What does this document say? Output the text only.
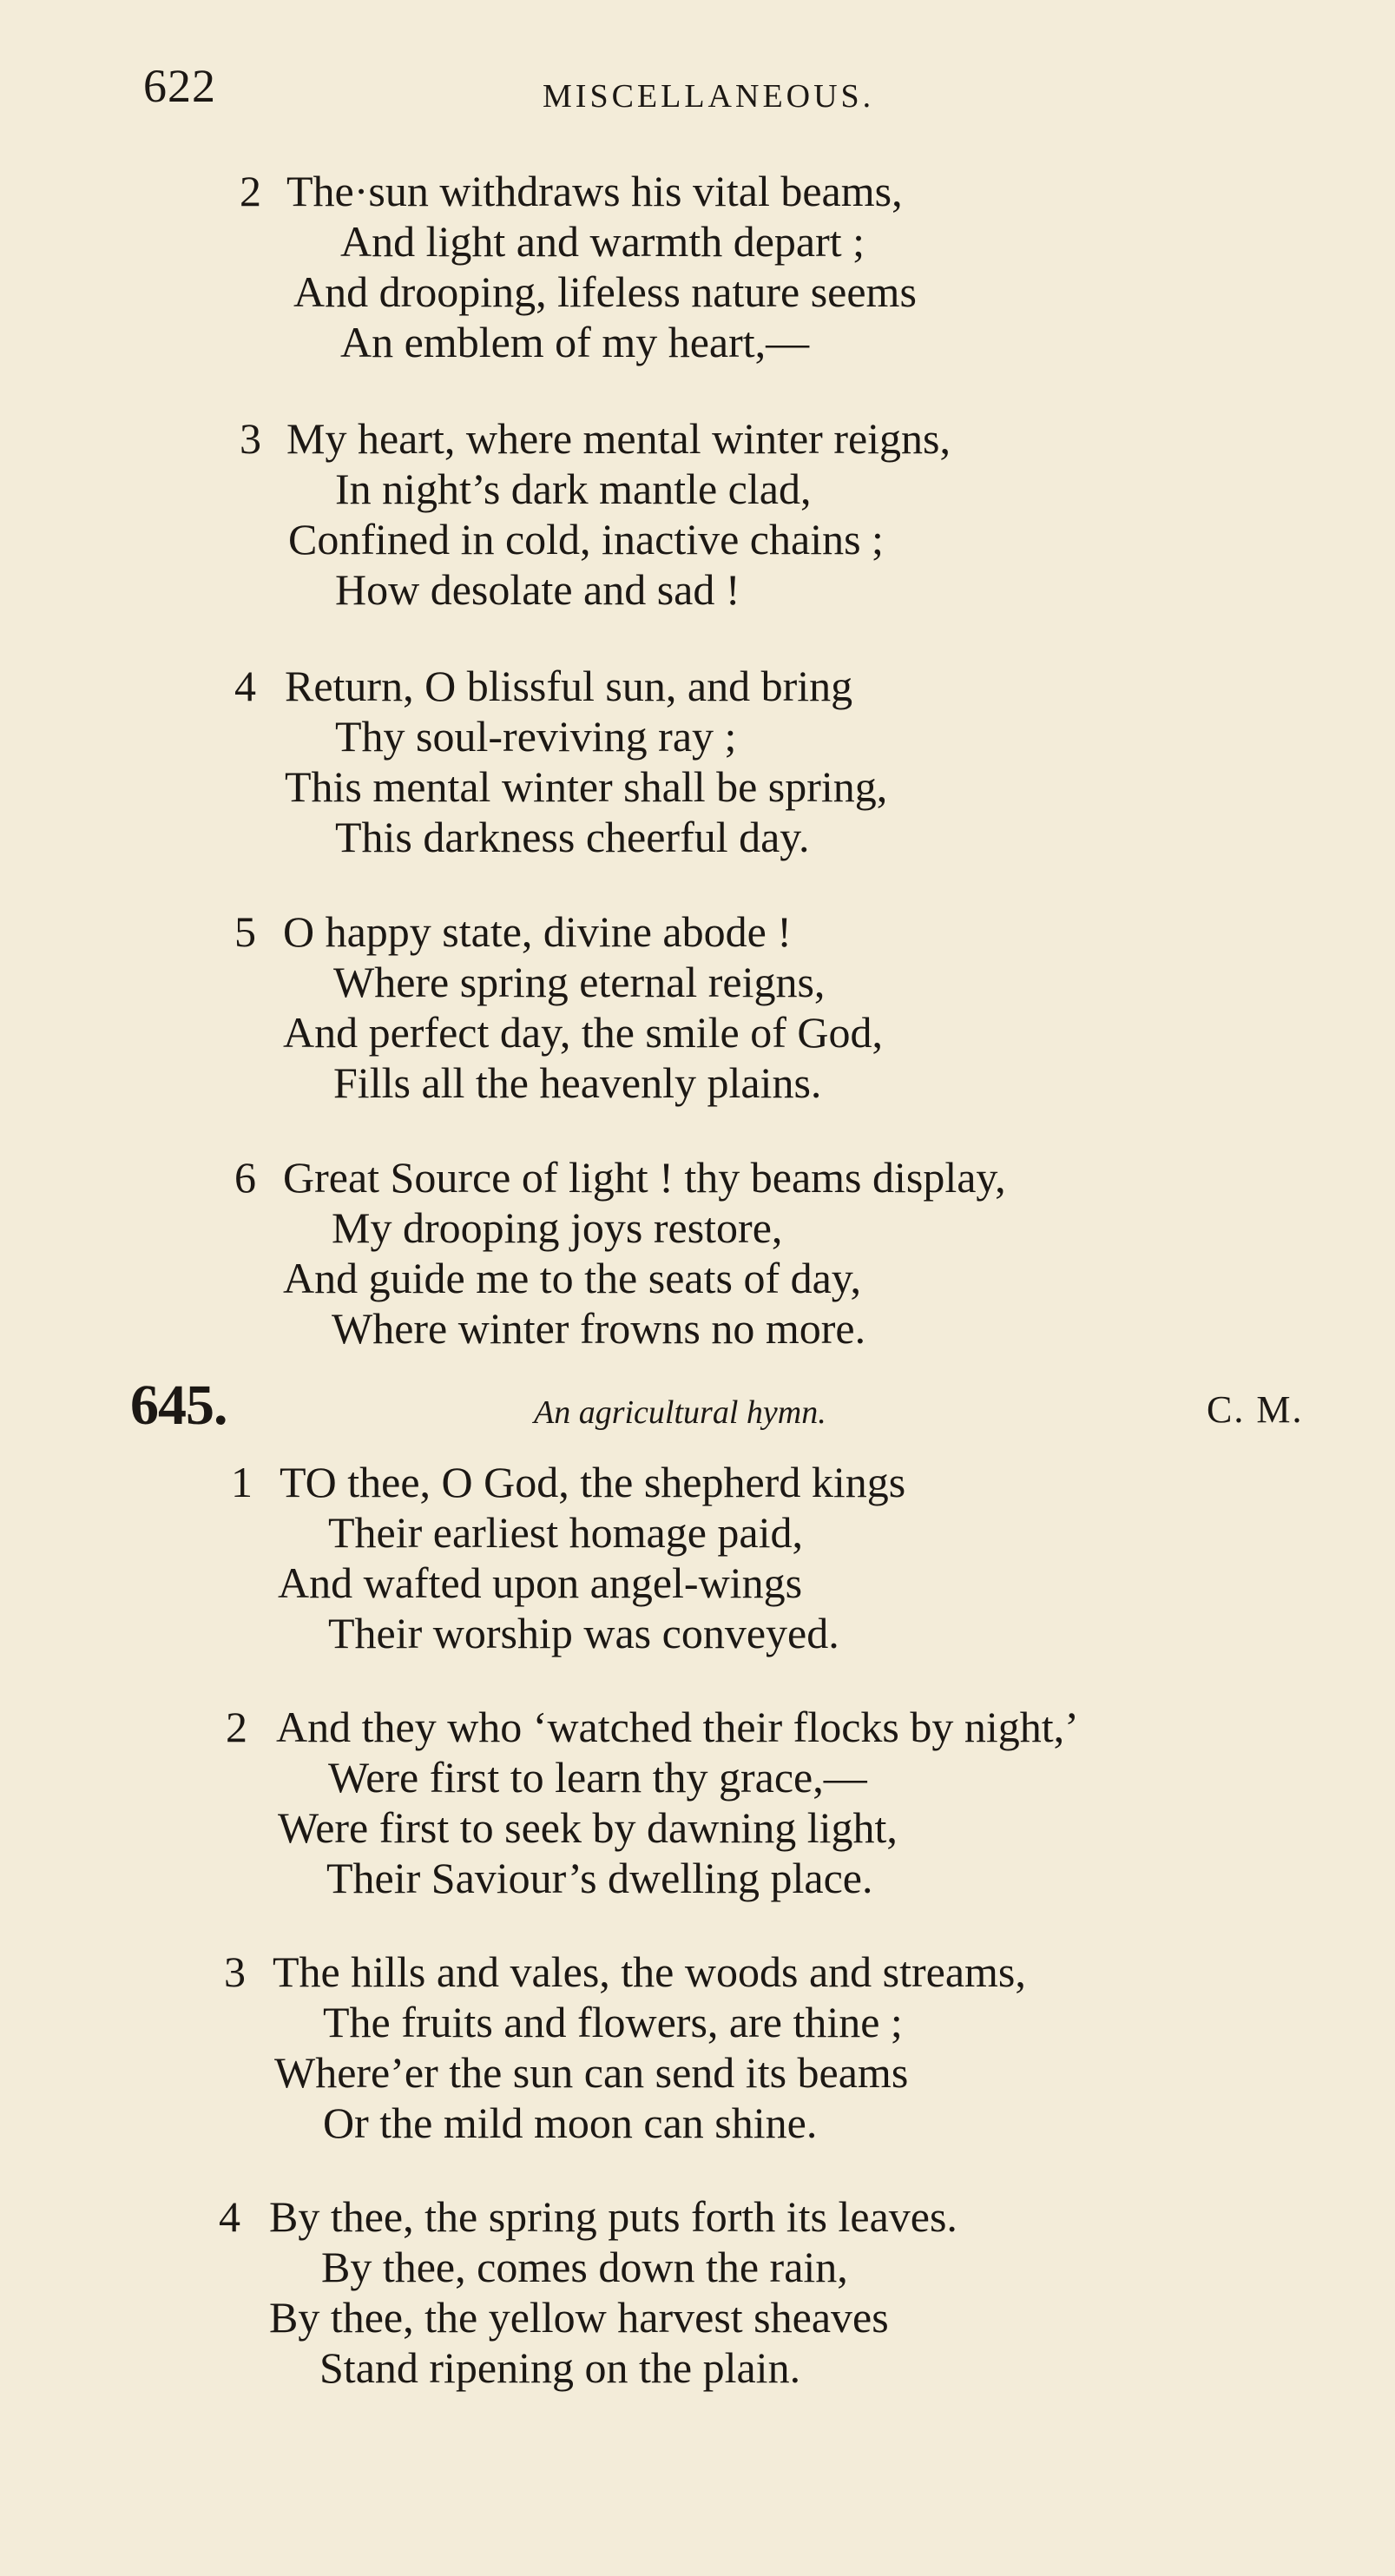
622	MISCELLANEOUS.
2 The·sun withdraws his vital beams,
And light and warmth depart ;
And drooping, lifeless nature seems
An emblem of my heart,—
3 My heart, where mental winter reigns,
In night’s dark mantle clad,
Confined in cold, inactive chains ;
How desolate and sad !
4 Return, O blissful sun, and bring
Thy soul-reviving ray ;
This mental winter shall be spring,
This darkness cheerful day.
5 O happy state, divine abode !
Where spring eternal reigns,
And perfect day, the smile of God,
Fills all the heavenly plains.
6 Great Source of light ! thy beams display,
My drooping joys restore,
And guide me to the seats of day,
Where winter frowns no more.
645.	An agricultural hymn.	C. M.
1 TO thee, O God, the shepherd kings
Their earliest homage paid,
And wafted upon angel-wings
Their worship was conveyed.
2 And they who ‘watched their flocks by night,’
Were first to learn thy grace,—
Were first to seek by dawning light,
Their Saviour’s dwelling place.
3 The hills and vales, the woods and streams,
The fruits and flowers, are thine ;
Where’er the sun can send its beams
Or the mild moon can shine.
4 By thee, the spring puts forth its leaves.
By thee, comes down the rain,
By thee, the yellow harvest sheaves
Stand ripening on the plain.
